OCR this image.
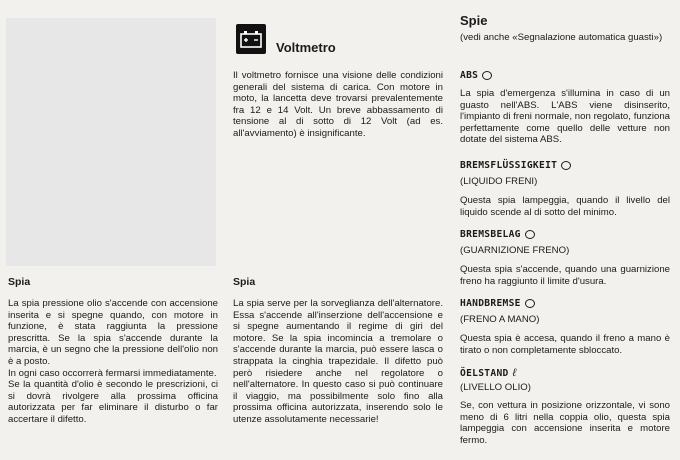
Spia

La spia pressione olio s'accende con accensione inserita e si spegne quando, con motore in funzione, è stata raggiunta la pressione prescritta. Se la spia s'accende durante la marcia, è un segno che la pressione dell'olio non è a posto.

In ogni caso occorrerà fermarsi immediatamente.

Se la quantità d'olio è secondo le prescrizioni, ci si dovrà rivolgere alla prossima officina autorizzata per far eliminare il disturbo o far accertare il difetto.

Voltmetro
Il voltmetro fornisce una visione delle condizioni generali del sistema di carica. Con motore in moto, la lancetta deve trovarsi prevalentemente fra 12 e 14 Volt. Un breve abbassamento di tensione al di sotto di 12 Volt (ad es. all'avviamento) è insignificante.
Spia
La spia serve per la sorveglianza dell'alternatore. Essa s'accende all'inserzione dell'accensione e si spegne aumentando il regime di giri del motore. Se la spia incomincia a tremolare o s'accende durante la marcia, può essere lasca o strappata la cinghia trapezidale. Il difetto può però risiedere anche nel regolatore o nell'alternatore. In questo caso si può continuare il viaggio, ma possibilmente solo fino alla prossima officina autorizzata, inserendo solo le utenze assolutamente necessarie!
Spie
(vedi anche «Segnalazione automatica guasti»)
ABS
La spia d'emergenza s'illumina in caso di un guasto nell'ABS. L'ABS viene disinserito, l'impianto di freni normale, non regolato, funziona perfettamente come quello delle vetture non dotate del sistema ABS.
BREMSFLÜSSIGKEIT
(LIQUIDO FRENI)
Questa spia lampeggia, quando il livello del liquido scende al di sotto del minimo.
BREMSBELAG
(GUARNIZIONE FRENO)
Questa spia s'accende, quando una guarnizione freno ha raggiunto il limite d'usura.
HANDBREMSE
(FRENO A MANO)
Questa spia è accesa, quando il freno a mano è tirato o non completamente sbloccato.
ÖELSTAND ℓ
(LIVELLO OLIO)
Se, con vettura in posizione orizzontale, vi sono meno di 6 litri nella coppia olio, questa spia lampeggia con accensione inserita e motore fermo.
